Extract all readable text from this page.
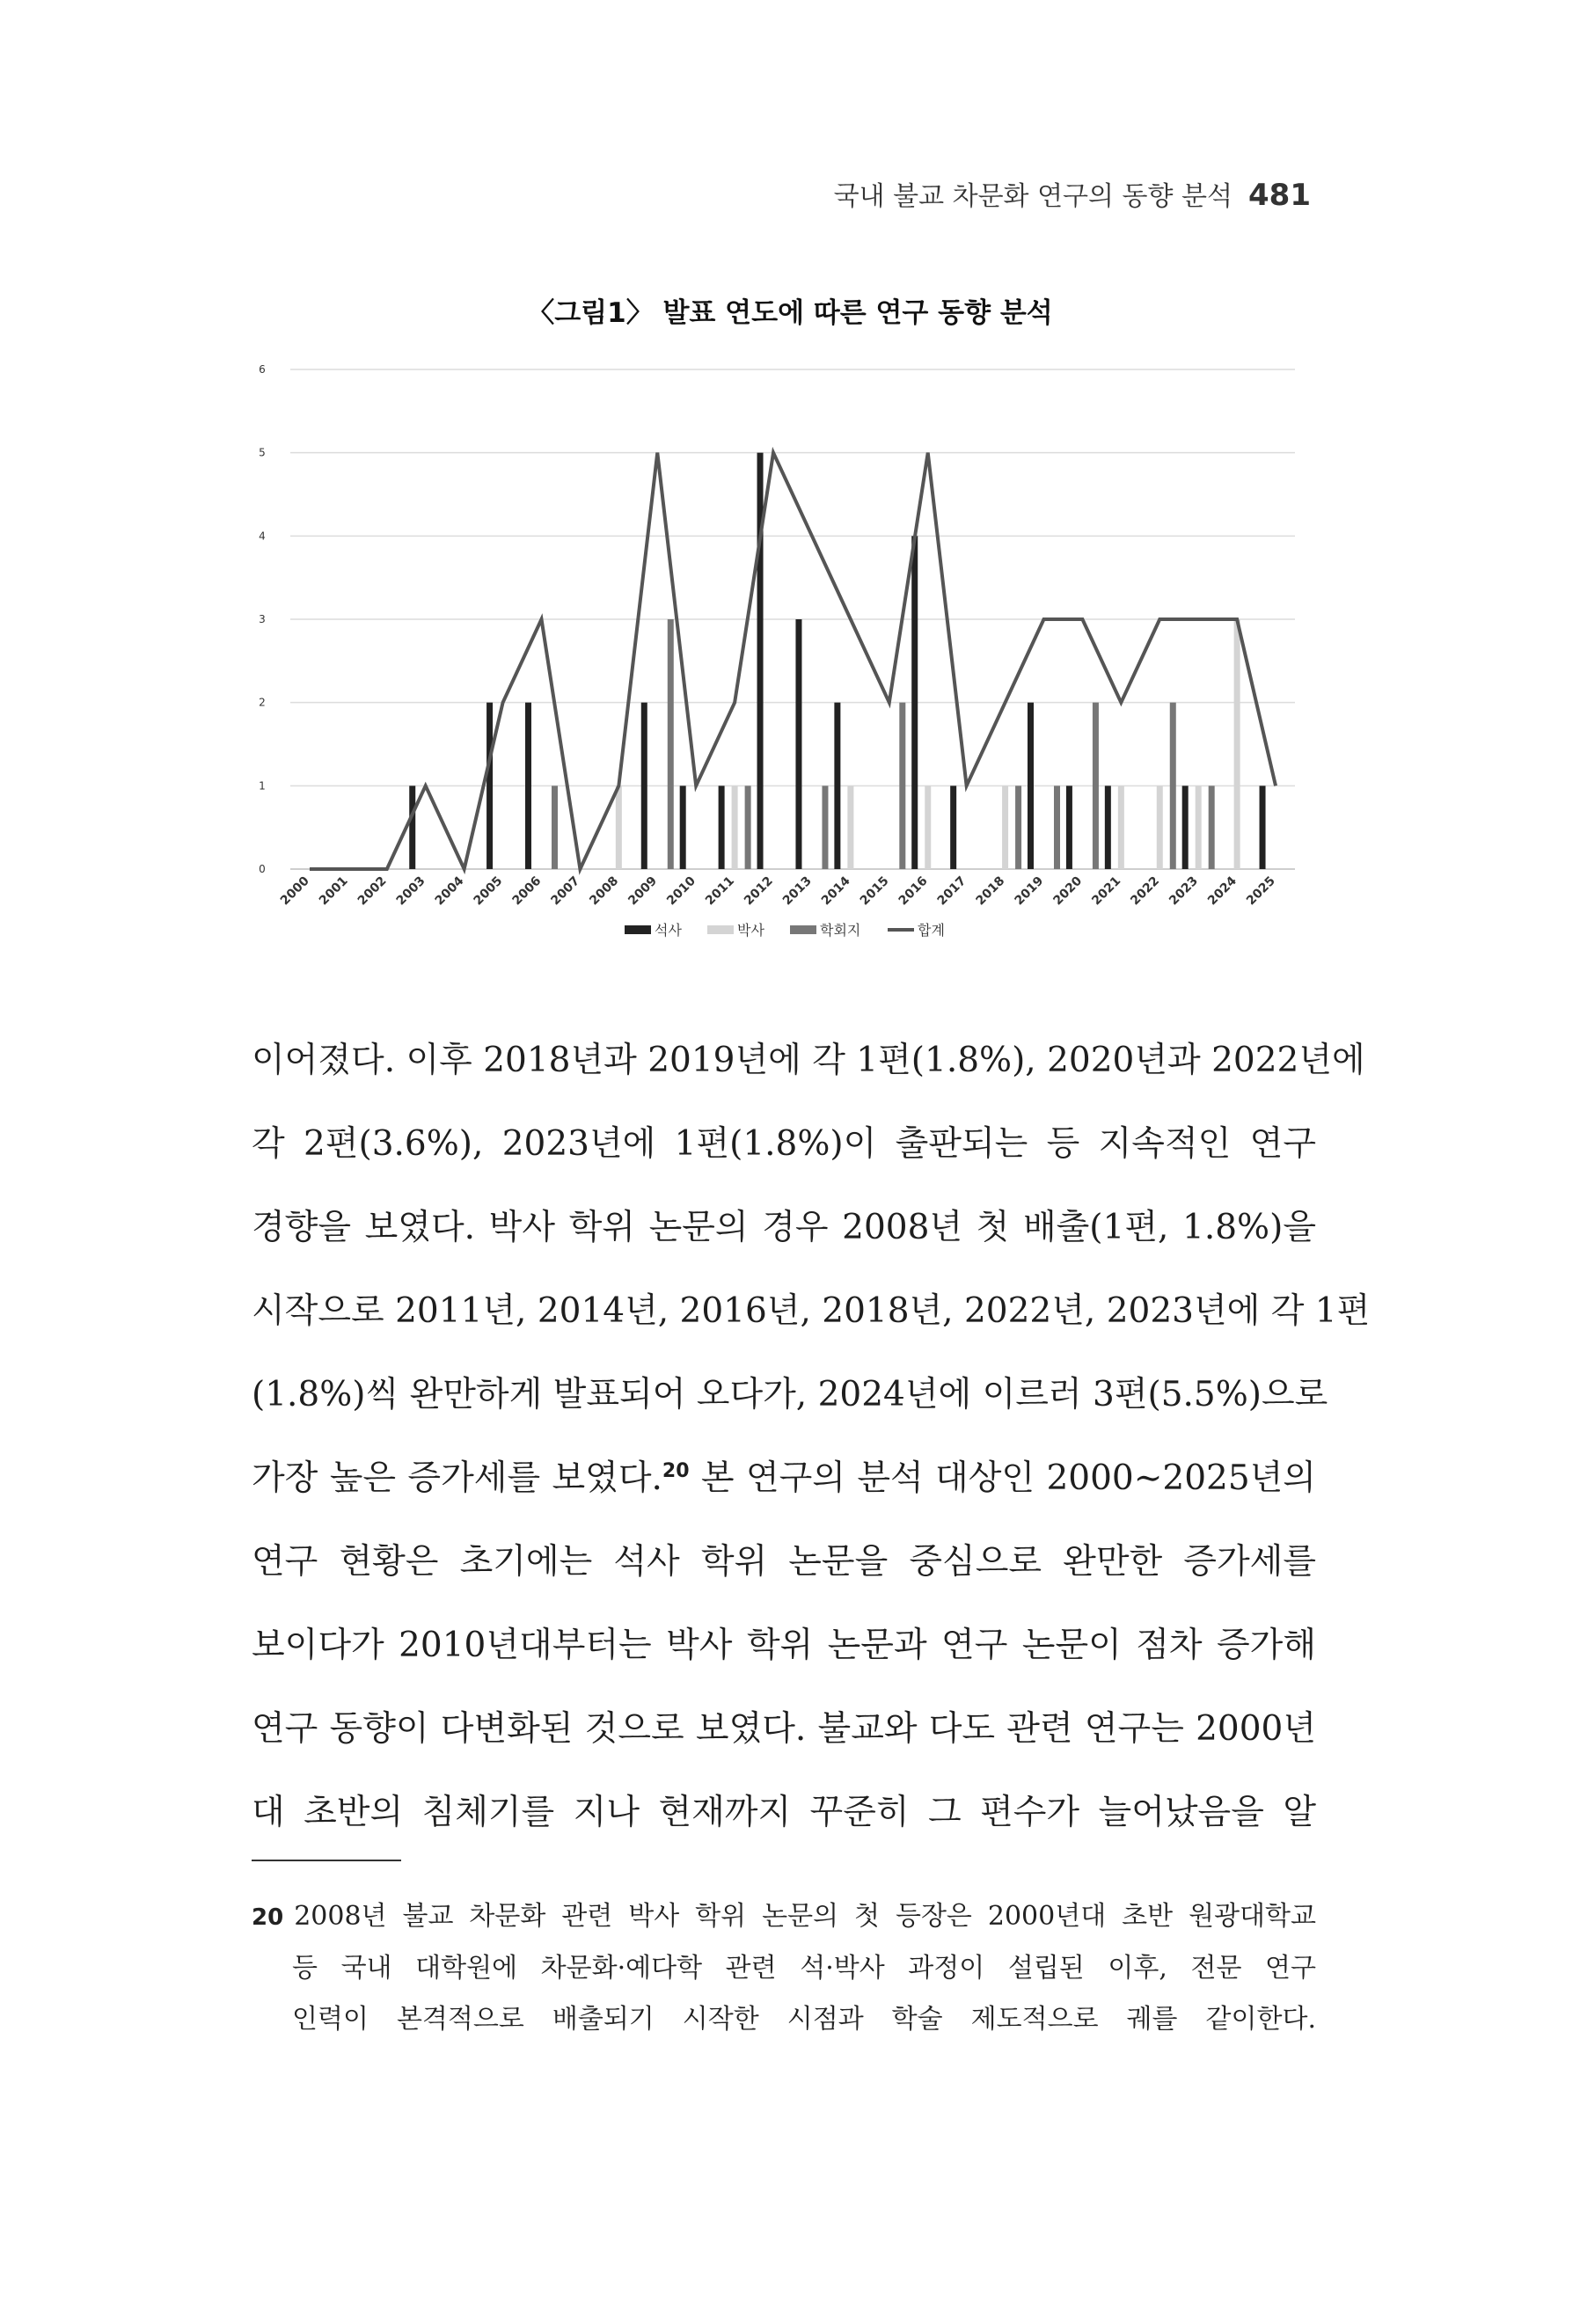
국내 불교 차문화 연구의 동향 분석 481
〈그림1〉 발표 연도에 따른 연구 동향 분석
0
1
2
3
4
5
6
2000 2001 2002 2003 2004 2005 2006 2007 2008 2009 2010 2011 2012 2013 2014 2015 2016 2017 2018 2019 2020 2021 2022 2023 2024 2025
석사	박사	학회지	합계
이어졌다. 이후 2018년과 2019년에 각 1편(1.8%), 2020년과 2022년에
각 2편(3.6%), 2023년에 1편(1.8%)이 출판되는 등 지속적인 연구
경향을 보였다. 박사 학위 논문의 경우 2008년 첫 배출(1편, 1.8%)을
시작으로 2011년, 2014년, 2016년, 2018년, 2022년, 2023년에 각 1편
(1.8%)씩 완만하게 발표되어 오다가, 2024년에 이르러 3편(5.5%)으로
가장 높은 증가세를 보였다.$^{20}$ 본 연구의 분석 대상인 2000∼2025년의
연구 현황은 초기에는 석사 학위 논문을 중심으로 완만한 증가세를
보이다가 2010년대부터는 박사 학위 논문과 연구 논문이 점차 증가해
연구 동향이 다변화된 것으로 보였다. 불교와 다도 관련 연구는 2000년
대 초반의 침체기를 지나 현재까지 꾸준히 그 편수가 늘어났음을 알
20 2008년 불교 차문화 관련 박사 학위 논문의 첫 등장은 2000년대 초반 원광대학교
등 국내 대학원에 차문화·예다학 관련 석·박사 과정이 설립된 이후, 전문 연구
인력이 본격적으로 배출되기 시작한 시점과 학술 제도적으로 궤를 같이한다.
